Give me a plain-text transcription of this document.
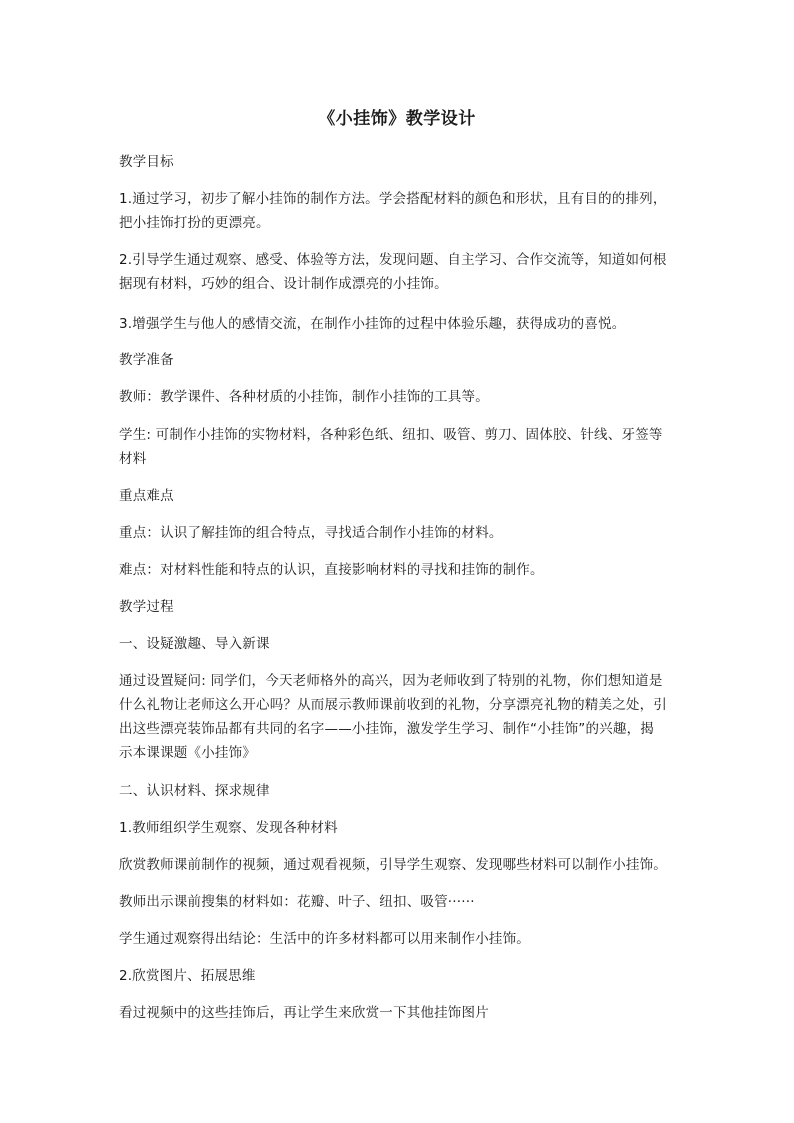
《小挂饰》教学设计
教学目标
1.通过学习，初步了解小挂饰的制作方法。学会搭配材料的颜色和形状，且有目的的排列，
把小挂饰打扮的更漂亮。
2.引导学生通过观察、感受、体验等方法，发现问题、自主学习、合作交流等，知道如何根
据现有材料，巧妙的组合、设计制作成漂亮的小挂饰。
3.增强学生与他人的感情交流，在制作小挂饰的过程中体验乐趣，获得成功的喜悦。
教学准备
教师：教学课件、各种材质的小挂饰，制作小挂饰的工具等。
学生: 可制作小挂饰的实物材料，各种彩色纸、纽扣、吸管、剪刀、固体胶、针线、牙签等
材料
重点难点
重点：认识了解挂饰的组合特点，寻找适合制作小挂饰的材料。
难点：对材料性能和特点的认识，直接影响材料的寻找和挂饰的制作。
教学过程
一、设疑激趣、导入新课
通过设置疑问: 同学们，今天老师格外的高兴，因为老师收到了特别的礼物，你们想知道是
什么礼物让老师这么开心吗？从而展示教师课前收到的礼物，分享漂亮礼物的精美之处，引
出这些漂亮装饰品都有共同的名字——小挂饰，激发学生学习、制作“小挂饰”的兴趣，揭
示本课课题《小挂饰》
二、认识材料、探求规律
1.教师组织学生观察、发现各种材料
欣赏教师课前制作的视频，通过观看视频，引导学生观察、发现哪些材料可以制作小挂饰。
教师出示课前搜集的材料如：花瓣、叶子、纽扣、吸管······
学生通过观察得出结论：生活中的许多材料都可以用来制作小挂饰。
2.欣赏图片、拓展思维
看过视频中的这些挂饰后，再让学生来欣赏一下其他挂饰图片
